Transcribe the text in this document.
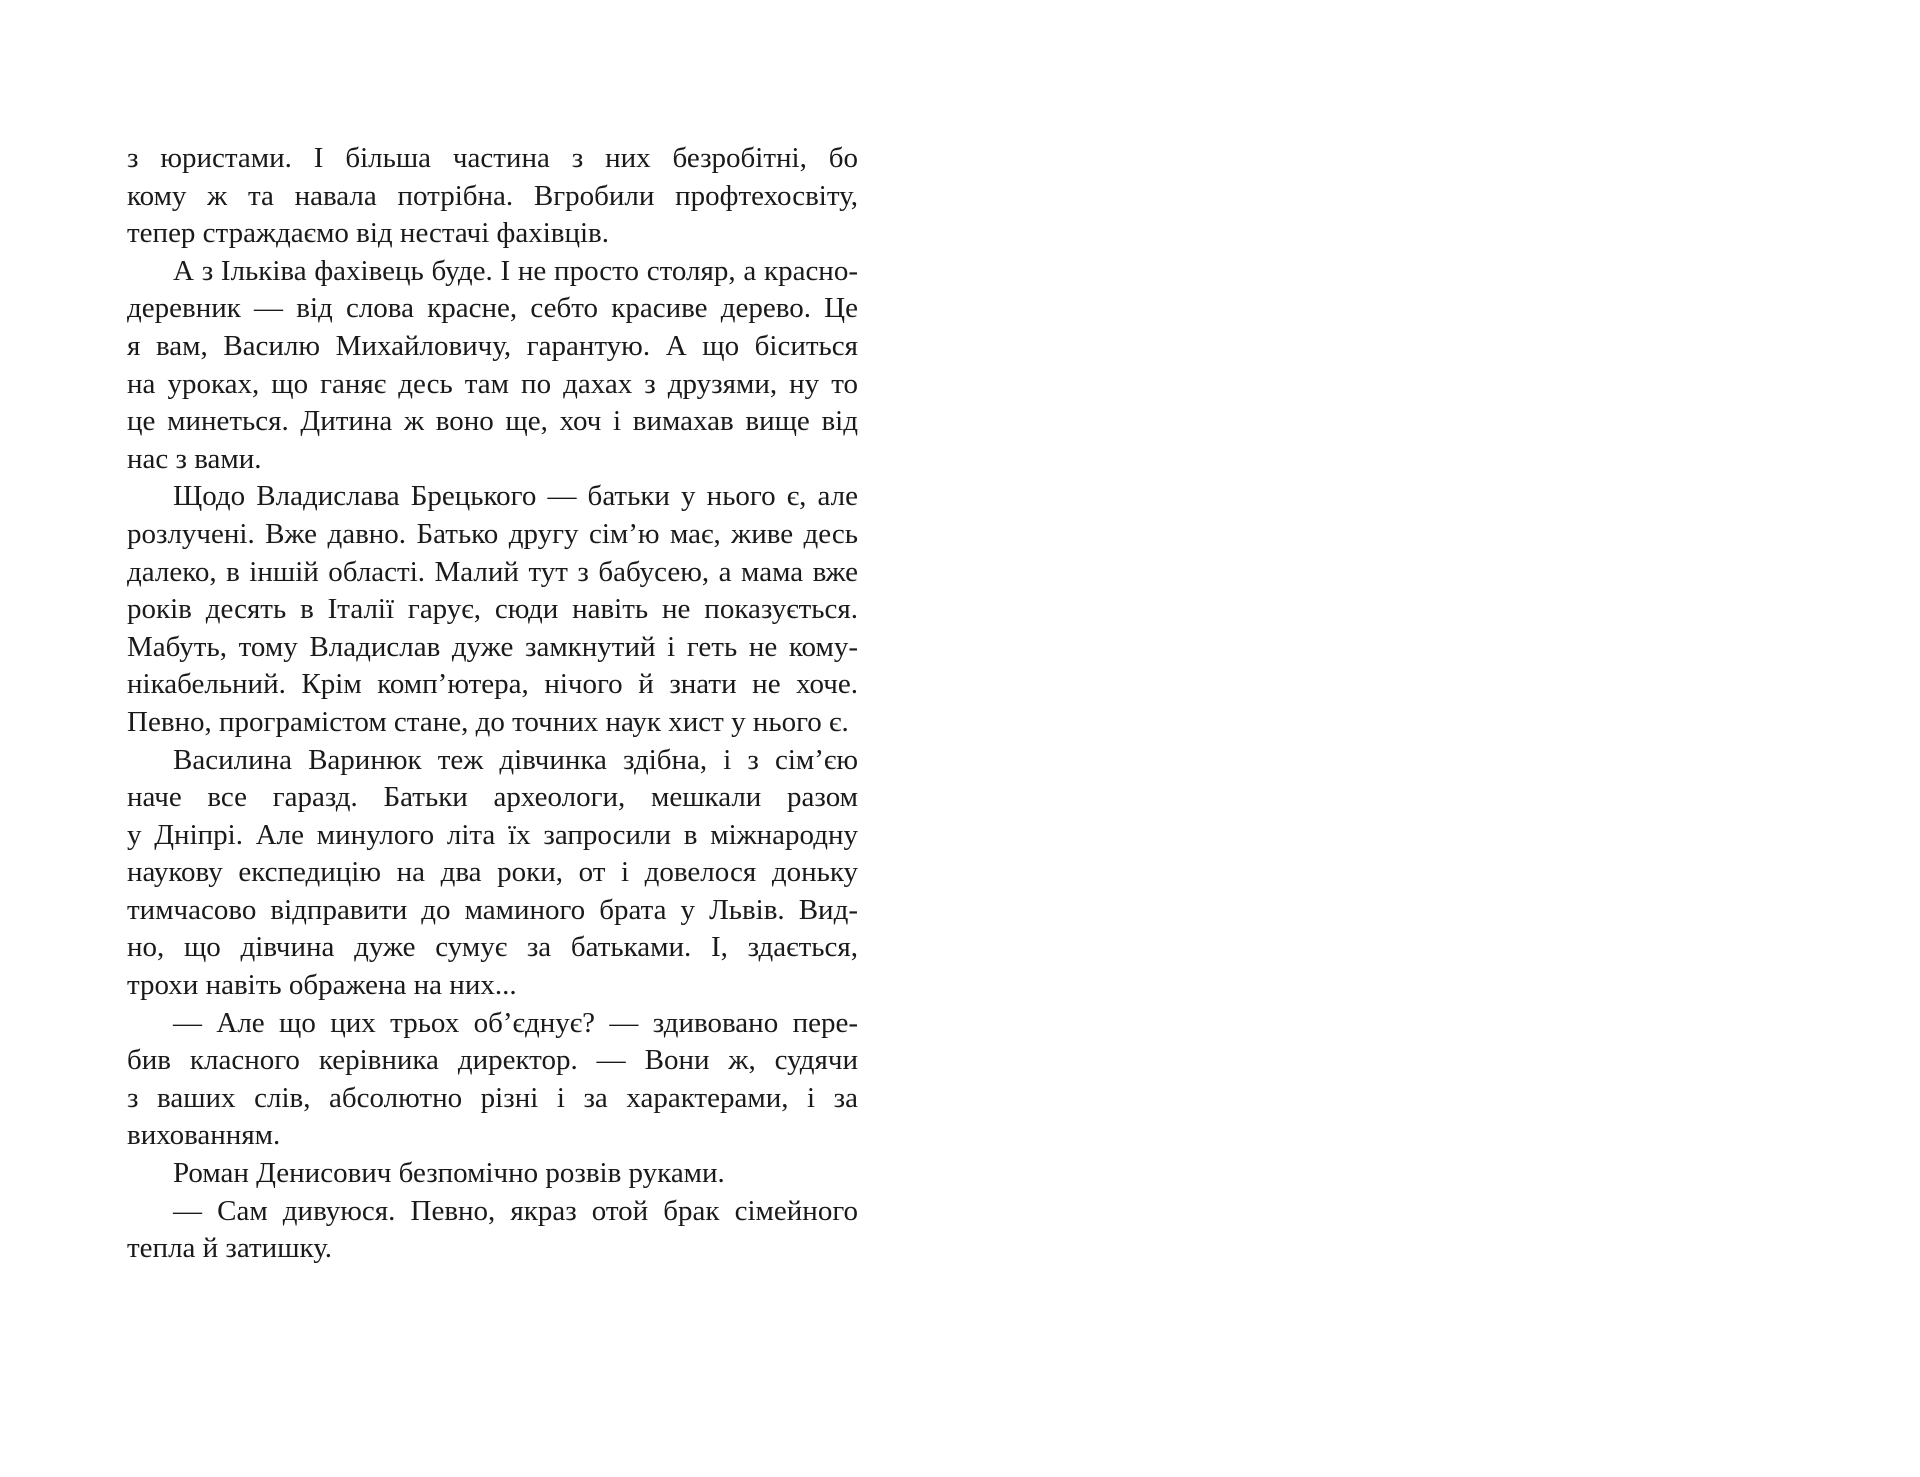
з юристами. І більша частина з них безробітні, бо
кому ж та навала потрібна. Вгробили профтехосвіту,
тепер страждаємо від нестачі фахівців.
А з Ільківа фахівець буде. І не просто столяр, а красно-
деревник — від слова красне, себто красиве дерево. Це
я вам, Василю Михайловичу, гарантую. А що біситься
на уроках, що ганяє десь там по дахах з друзями, ну то
це минеться. Дитина ж воно ще, хоч і вимахав вище від
нас з вами.
Щодо Владислава Брецького — батьки у нього є, але
розлучені. Вже давно. Батько другу сім’ю має, живе десь
далеко, в іншій області. Малий тут з бабусею, а мама вже
років десять в Італії гарує, сюди навіть не показується.
Мабуть, тому Владислав дуже замкнутий і геть не кому-
нікабельний. Крім комп’ютера, нічого й знати не хоче.
Певно, програмістом стане, до точних наук хист у нього є.
Василина Варинюк теж дівчинка здібна, і з сім’єю
наче все гаразд. Батьки археологи, мешкали разом
у Дніпрі. Але минулого літа їх запросили в міжнародну
наукову експедицію на два роки, от і довелося доньку
тимчасово відправити до маминого брата у Львів. Вид-
но, що дівчина дуже сумує за батьками. І, здається,
трохи навіть ображена на них...
— Але що цих трьох об’єднує? — здивовано пере-
бив класного керівника директор. — Вони ж, судячи
з ваших слів, абсолютно різні і за характерами, і за
вихованням.
Роман Денисович безпомічно розвів руками.
— Сам дивуюся. Певно, якраз отой брак сімейного
тепла й затишку.
